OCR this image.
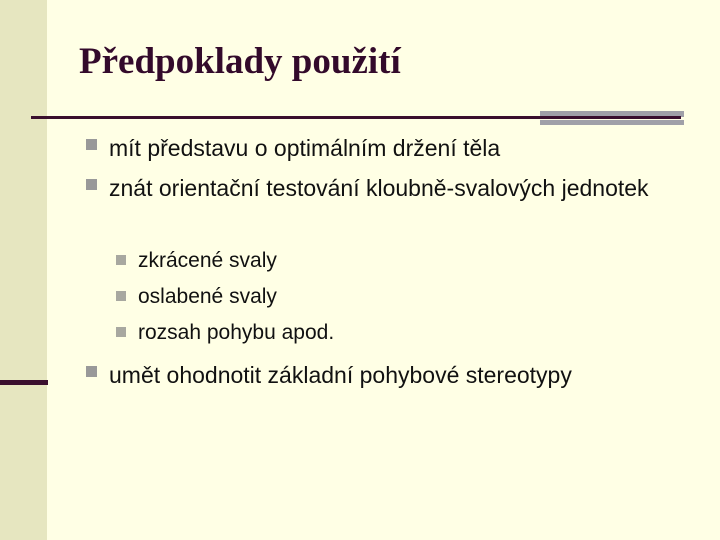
Předpoklady použití
mít představu o optimálním držení těla
znát orientační testování kloubně-svalových jednotek
zkrácené svaly
oslabené svaly
rozsah pohybu apod.
umět ohodnotit základní pohybové stereotypy
